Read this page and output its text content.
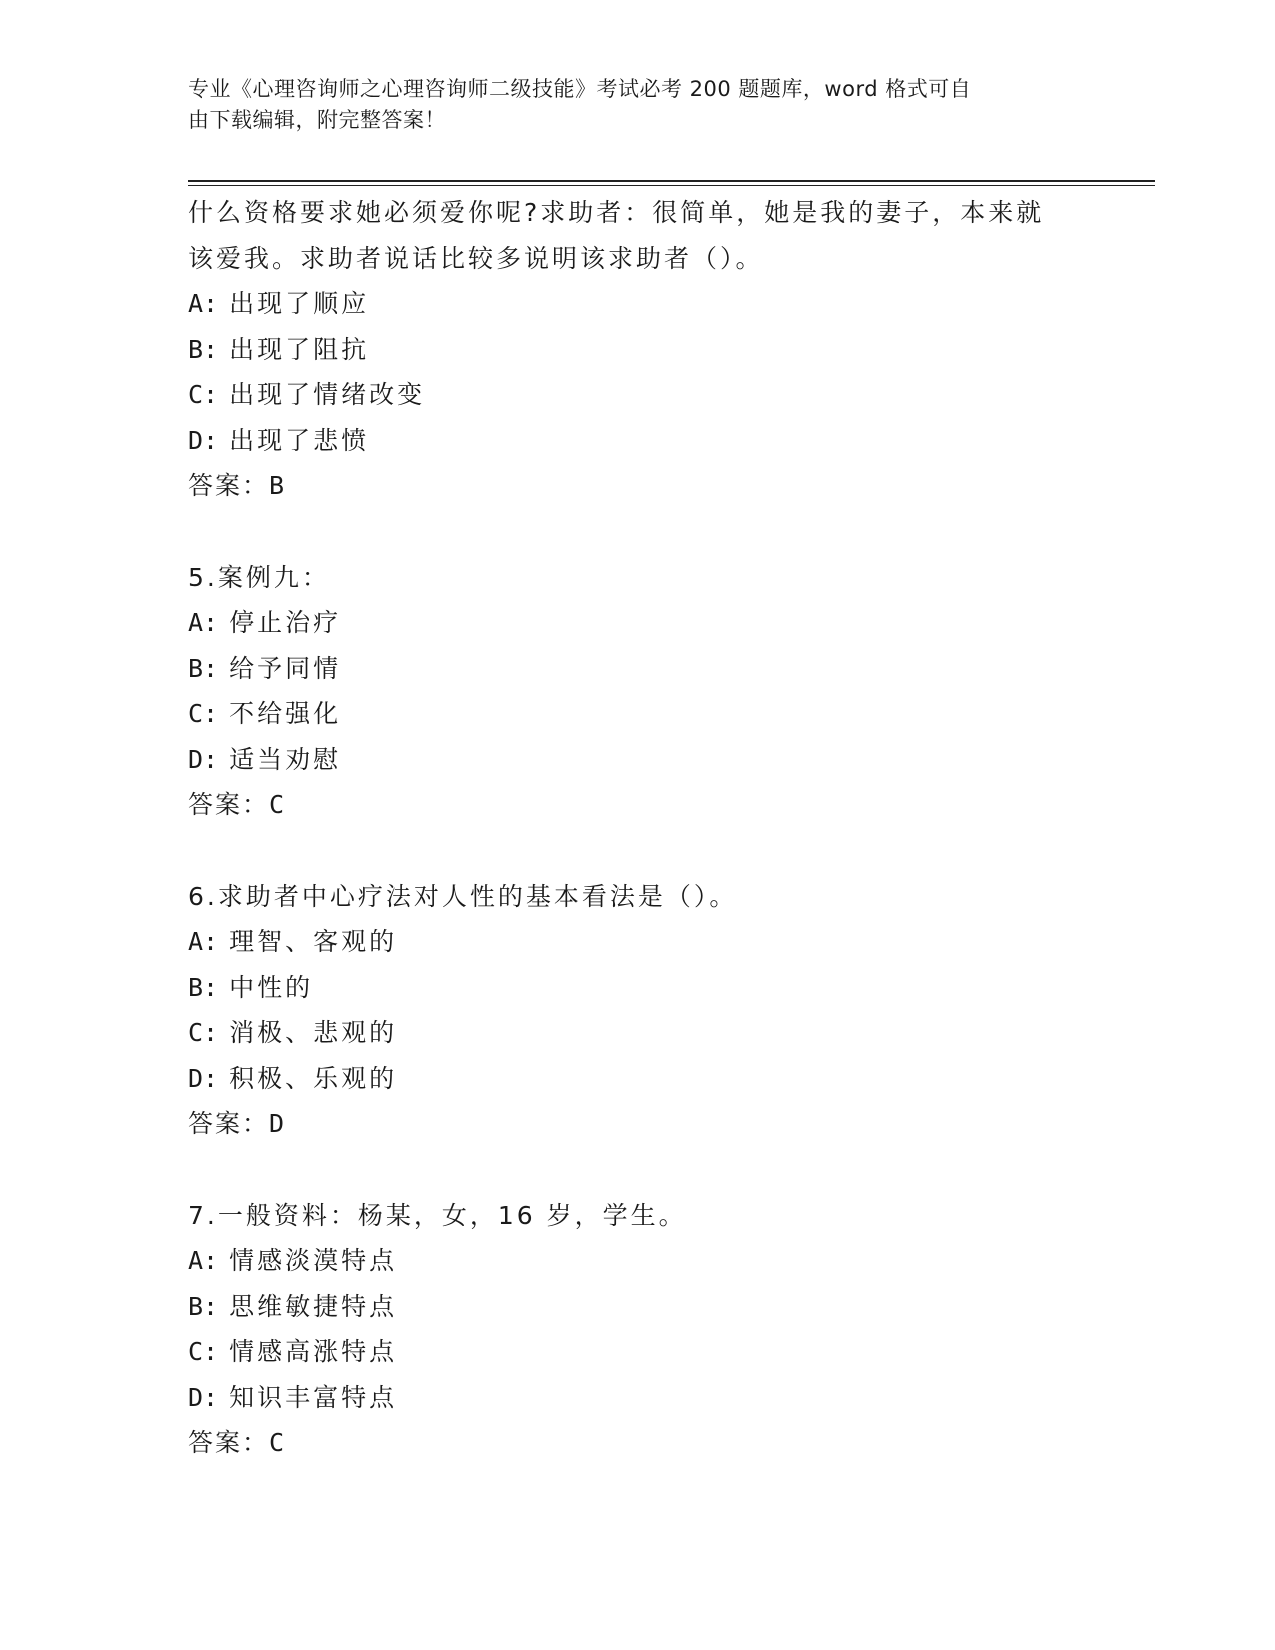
专业《心理咨询师之心理咨询师二级技能》考试必考 200 题题库，word 格式可自
由下载编辑，附完整答案！
什么资格要求她必须爱你呢?求助者：很简单，她是我的妻子，本来就
该爱我。求助者说话比较多说明该求助者（）。
A: 出现了顺应
B: 出现了阻抗
C: 出现了情绪改变
D: 出现了悲愤
答案：B
5.案例九：
A: 停止治疗
B: 给予同情
C: 不给强化
D: 适当劝慰
答案：C
6.求助者中心疗法对人性的基本看法是（）。
A: 理智、客观的
B: 中性的
C: 消极、悲观的
D: 积极、乐观的
答案：D
7.一般资料：杨某，女，16 岁，学生。
A: 情感淡漠特点
B: 思维敏捷特点
C: 情感高涨特点
D: 知识丰富特点
答案：C
